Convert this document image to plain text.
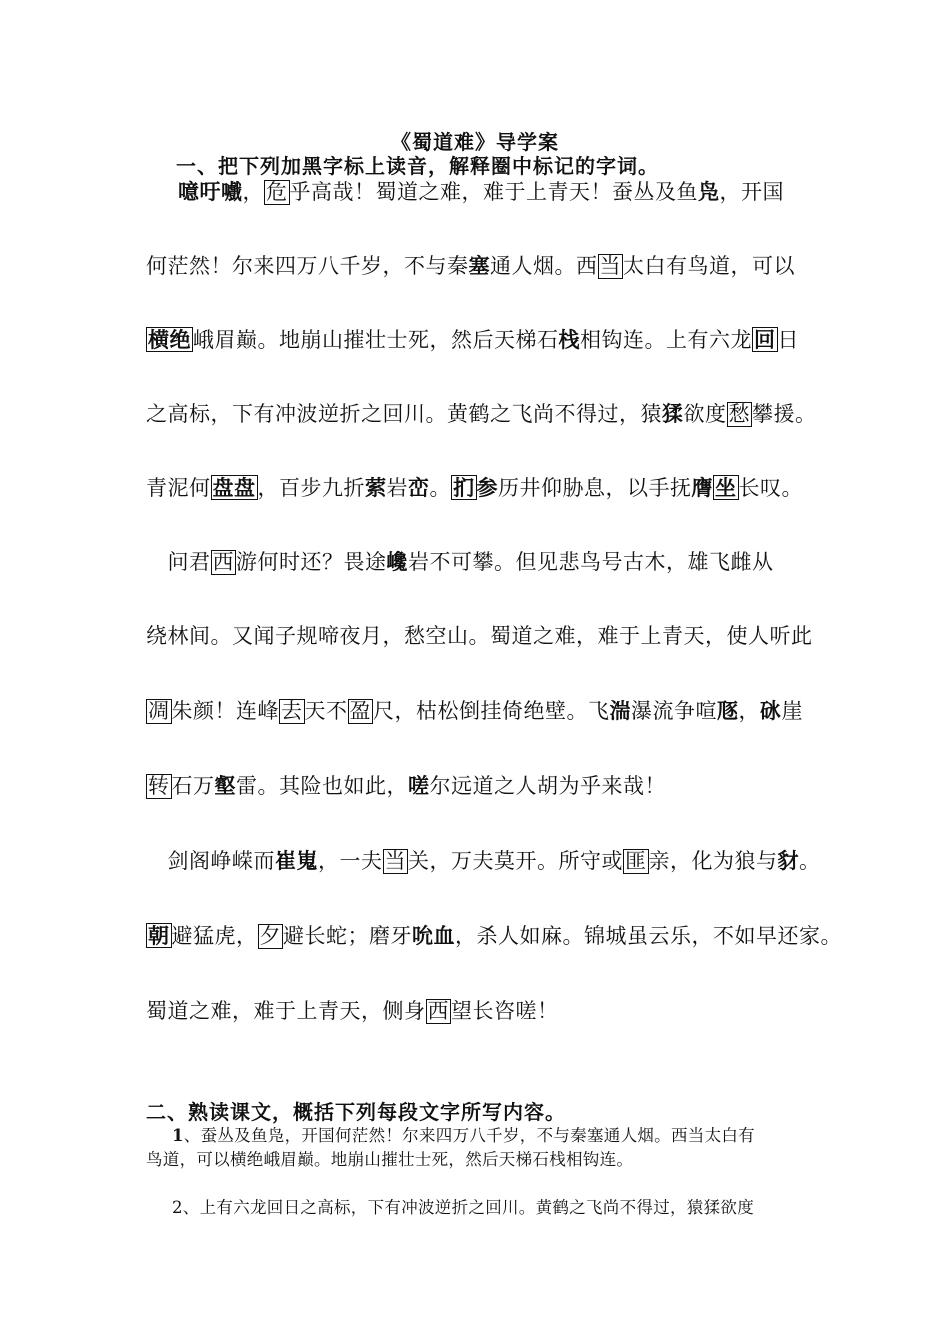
《蜀道难》导学案
一、把下列加黑字标上读音，解释圈中标记的字词。
噫吁嚱，危乎高哉！蜀道之难，难于上青天！蚕丛及鱼凫，开国
何茫然！尔来四万八千岁，不与秦塞通人烟。西当太白有鸟道，可以
横绝峨眉巅。地崩山摧壮士死，然后天梯石栈相钩连。上有六龙回日
之高标，下有冲波逆折之回川。黄鹤之飞尚不得过，猿猱欲度愁攀援。
青泥何盘盘，百步九折萦岩峦。扪参历井仰胁息，以手抚膺坐长叹。
　问君西游何时还？畏途巉岩不可攀。但见悲鸟号古木，雄飞雌从
绕林间。又闻子规啼夜月，愁空山。蜀道之难，难于上青天，使人听此
凋朱颜！连峰去天不盈尺，枯松倒挂倚绝壁。飞湍瀑流争喧豗，砯崖
转石万壑雷。其险也如此，嗟尔远道之人胡为乎来哉！
　剑阁峥嵘而崔嵬，一夫当关，万夫莫开。所守或匪亲，化为狼与豺。
朝避猛虎，夕避长蛇；磨牙吮血，杀人如麻。锦城虽云乐，不如早还家。
蜀道之难，难于上青天，侧身西望长咨嗟！
二、熟读课文，概括下列每段文字所写内容。
1、蚕丛及鱼凫，开国何茫然！尔来四万八千岁，不与秦塞通人烟。西当太白有
鸟道，可以横绝峨眉巅。地崩山摧壮士死，然后天梯石栈相钩连。
2、上有六龙回日之高标，下有冲波逆折之回川。黄鹤之飞尚不得过，猿猱欲度
